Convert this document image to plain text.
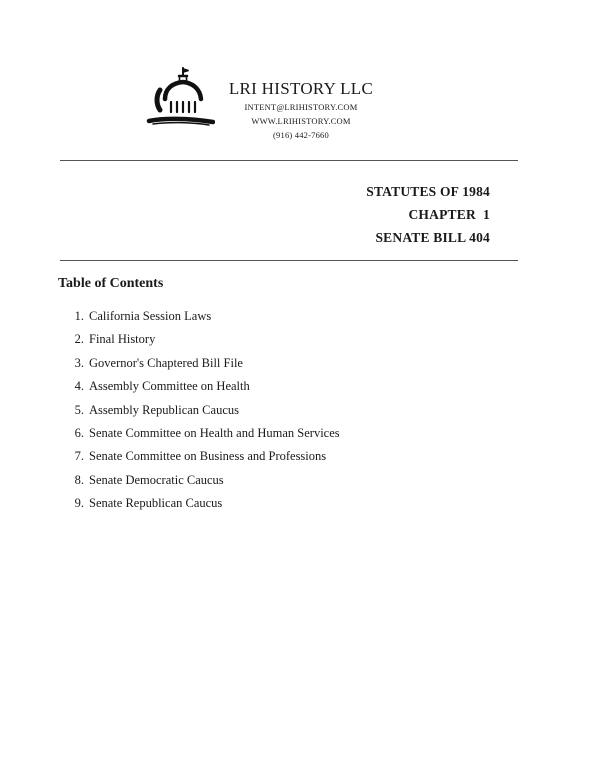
LRI HISTORY LLC
INTENT@LRIHISTORY.COM
WWW.LRIHISTORY.COM
(916) 442-7660
STATUTES OF 1984
CHAPTER  1
SENATE BILL 404
Table of Contents
1. California Session Laws
2. Final History
3. Governor's Chaptered Bill File
4. Assembly Committee on Health
5. Assembly Republican Caucus
6. Senate Committee on Health and Human Services
7. Senate Committee on Business and Professions
8. Senate Democratic Caucus
9. Senate Republican Caucus
